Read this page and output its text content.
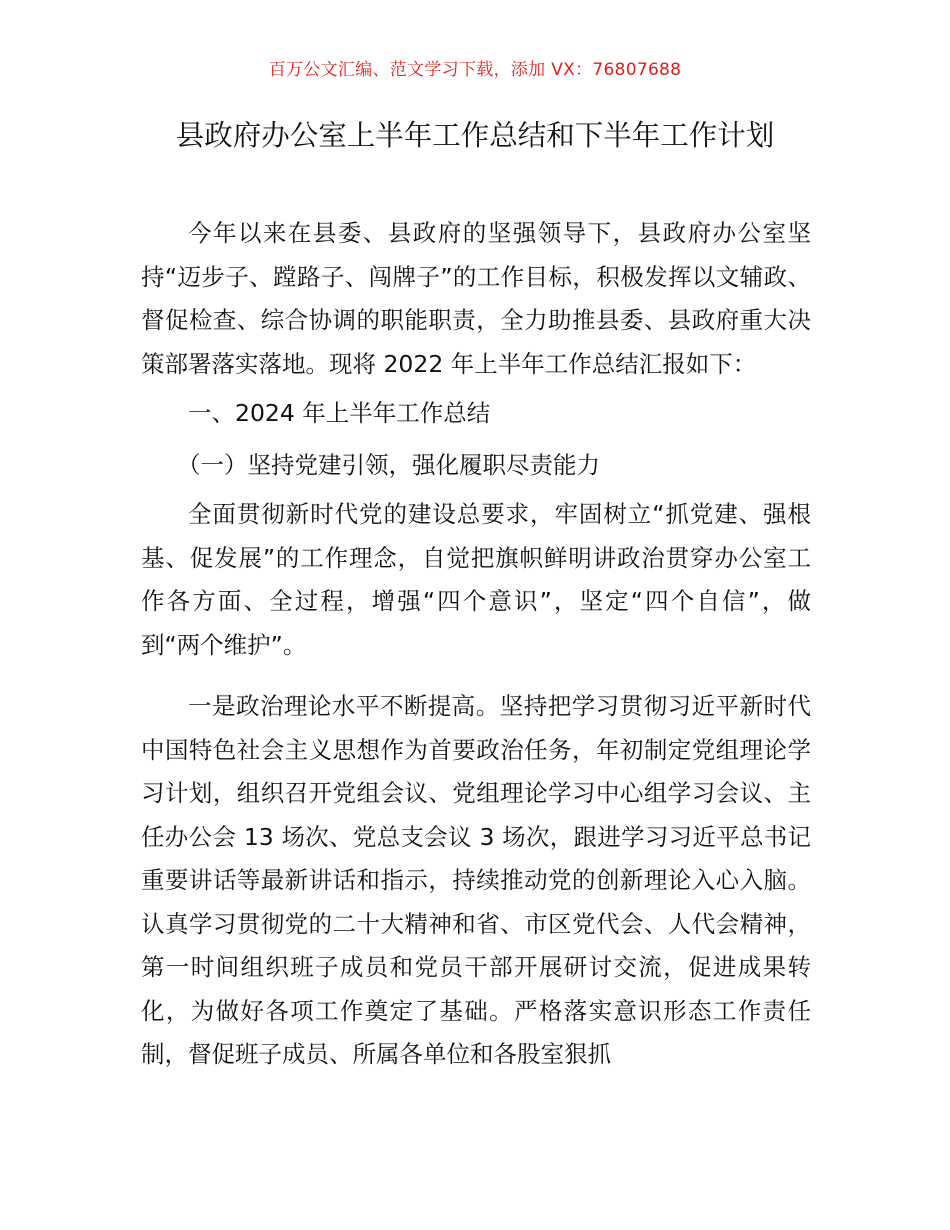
百万公文汇编、范文学习下载，添加 VX：76807688
县政府办公室上半年工作总结和下半年工作计划

今年以来在县委、县政府的坚强领导下，县政府办公室坚持“迈步子、蹚路子、闯牌子”的工作目标，积极发挥以文辅政、督促检查、综合协调的职能职责，全力助推县委、县政府重大决策部署落实落地。现将 2022 年上半年工作总结汇报如下：

一、2024 年上半年工作总结

（一）坚持党建引领，强化履职尽责能力

全面贯彻新时代党的建设总要求，牢固树立“抓党建、强根基、促发展”的工作理念，自觉把旗帜鲜明讲政治贯穿办公室工作各方面、全过程，增强“四个意识”，坚定“四个自信”，做到“两个维护”。

一是政治理论水平不断提高。坚持把学习贯彻习近平新时代中国特色社会主义思想作为首要政治任务，年初制定党组理论学习计划，组织召开党组会议、党组理论学习中心组学习会议、主任办公会 13 场次、党总支会议 3 场次，跟进学习习近平总书记重要讲话等最新讲话和指示，持续推动党的创新理论入心入脑。认真学习贯彻党的二十大精神和省、市区党代会、人代会精神，第一时间组织班子成员和党员干部开展研讨交流，促进成果转化，为做好各项工作奠定了基础。严格落实意识形态工作责任制，督促班子成员、所属各单位和各股室狠抓
